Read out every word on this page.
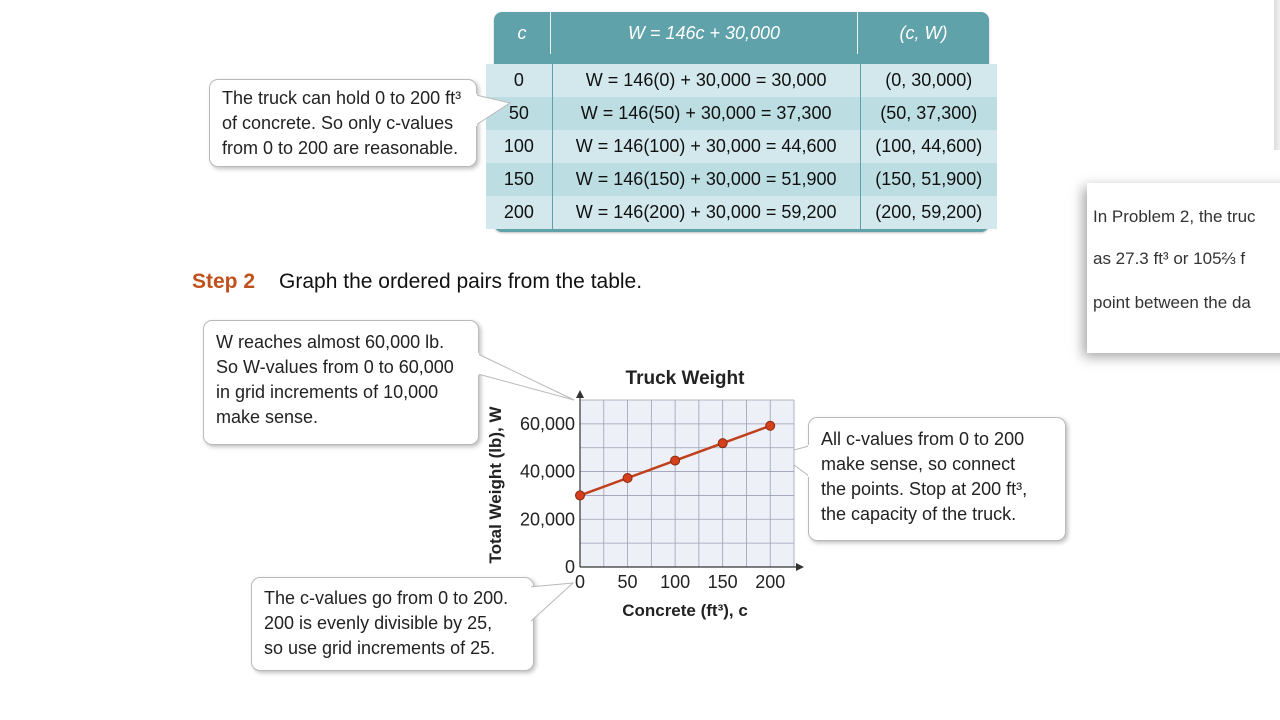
c	W = 146c + 30,000	(c, W)
0	W = 146(0) + 30,000 = 30,000	(0, 30,000)
50	W = 146(50) + 30,000 = 37,300	(50, 37,300)
100	W = 146(100) + 30,000 = 44,600	(100, 44,600)
150	W = 146(150) + 30,000 = 51,900	(150, 51,900)
200	W = 146(200) + 30,000 = 59,200	(200, 59,200)

The truck can hold 0 to 200 ft³

of concrete. So only c-values

from 0 to 200 are reasonable.

Step 2 Graph the ordered pairs from the table.

W reaches almost 60,000 lb.

So W-values from 0 to 60,000

in grid increments of 10,000

make sense.

All c-values from 0 to 200

make sense, so connect

the points. Stop at 200 ft³,

the capacity of the truck.

The c-values go from 0 to 200.

200 is evenly divisible by 25,

so use grid increments of 25.

Truck Weight
0 50 100 150 200
0
20,000
40,000
60,000
Concrete (ft³), c
Total Weight (lb), W
In Problem 2, the truc
as 27.3 ft³ or 105⅔ f
point between the da
